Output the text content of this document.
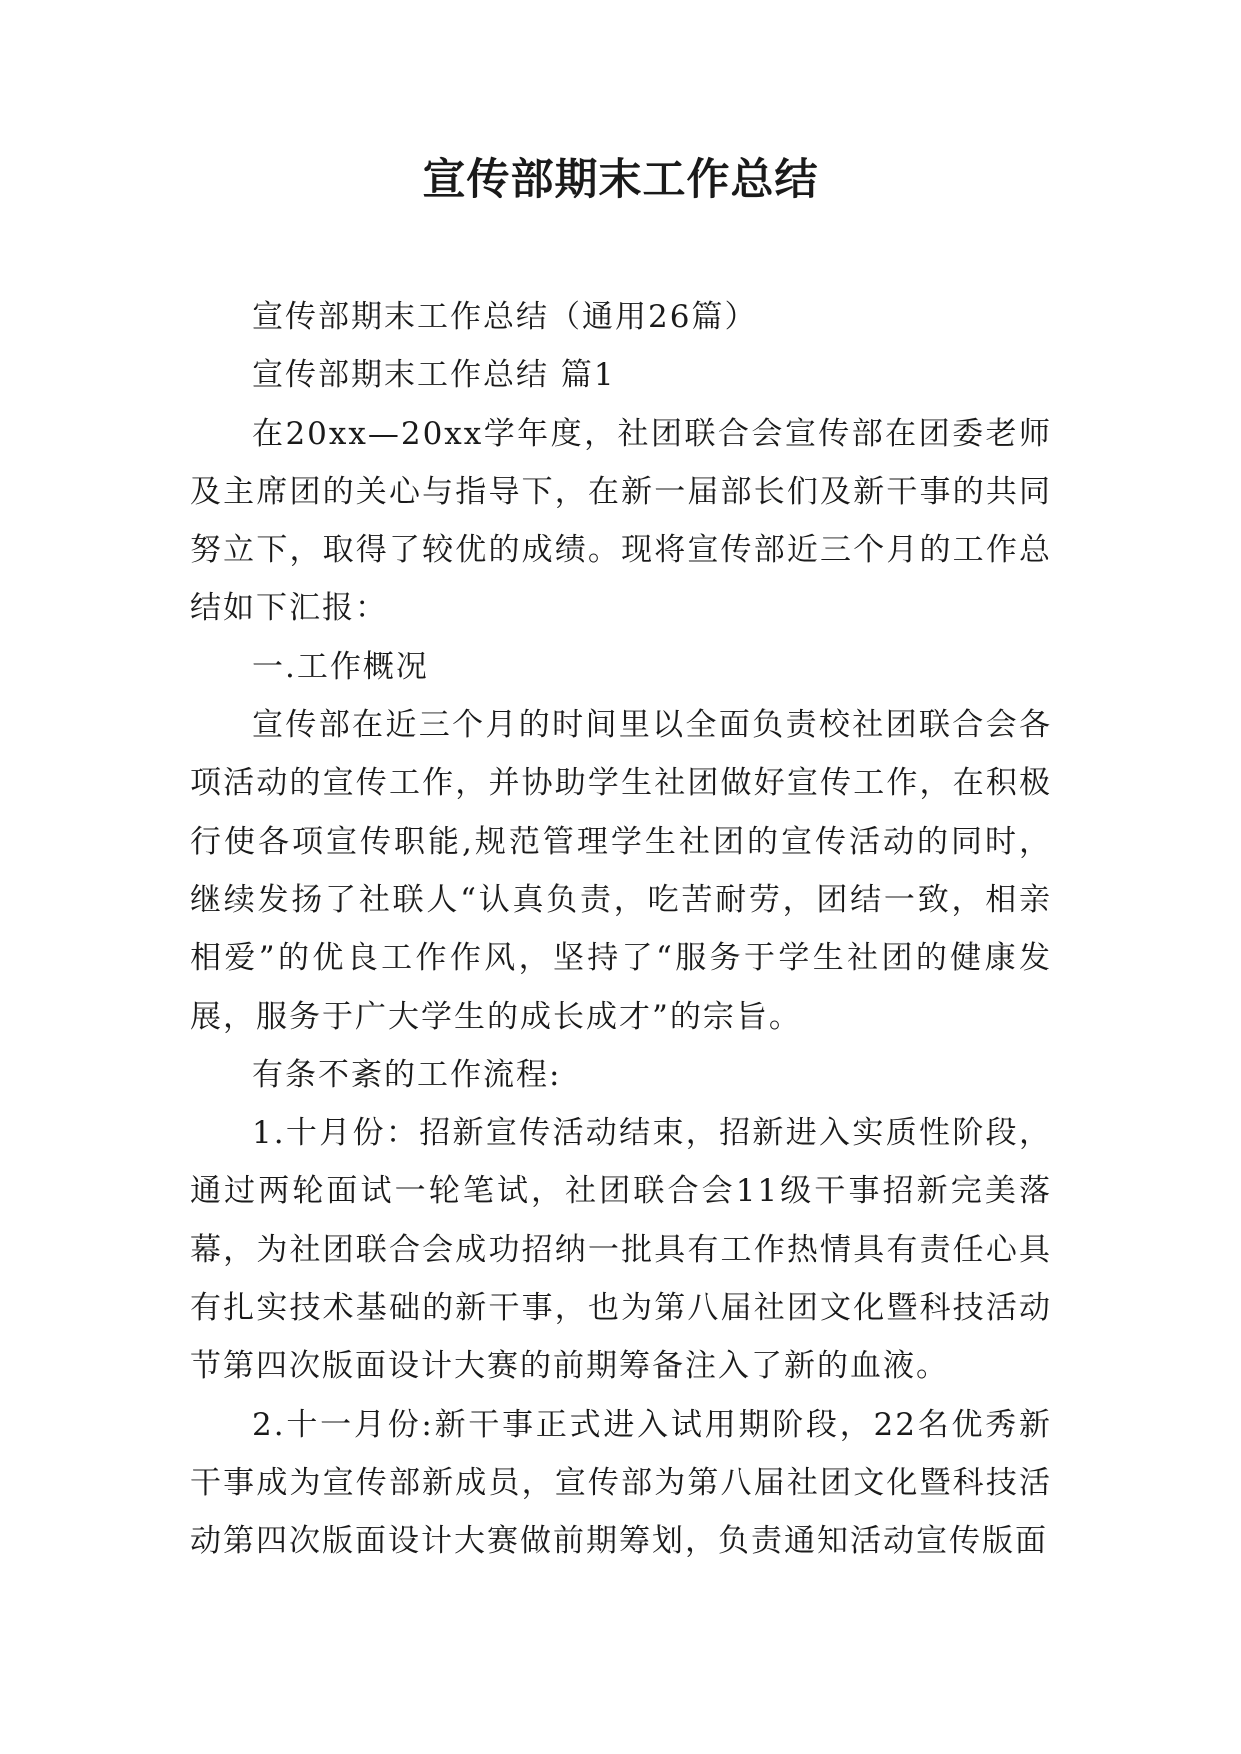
宣传部期末工作总结

宣传部期末工作总结（通用26篇）

宣传部期末工作总结 篇1

在20xx—20xx学年度，社团联合会宣传部在团委老师及主席团的关心与指导下，在新一届部长们及新干事的共同努立下，取得了较优的成绩。现将宣传部近三个月的工作总结如下汇报：

一.工作概况

宣传部在近三个月的时间里以全面负责校社团联合会各项活动的宣传工作，并协助学生社团做好宣传工作，在积极行使各项宣传职能,规范管理学生社团的宣传活动的同时，继续发扬了社联人“认真负责，吃苦耐劳，团结一致，相亲相爱”的优良工作作风，坚持了“服务于学生社团的健康发展，服务于广大学生的成长成才”的宗旨。

有条不紊的工作流程:

1.十月份：招新宣传活动结束，招新进入实质性阶段，通过两轮面试一轮笔试，社团联合会11级干事招新完美落幕，为社团联合会成功招纳一批具有工作热情具有责任心具有扎实技术基础的新干事，也为第八届社团文化暨科技活动节第四次版面设计大赛的前期筹备注入了新的血液。

2.十一月份:新干事正式进入试用期阶段，22名优秀新干事成为宣传部新成员，宣传部为第八届社团文化暨科技活动第四次版面设计大赛做前期筹划，负责通知活动宣传版面
